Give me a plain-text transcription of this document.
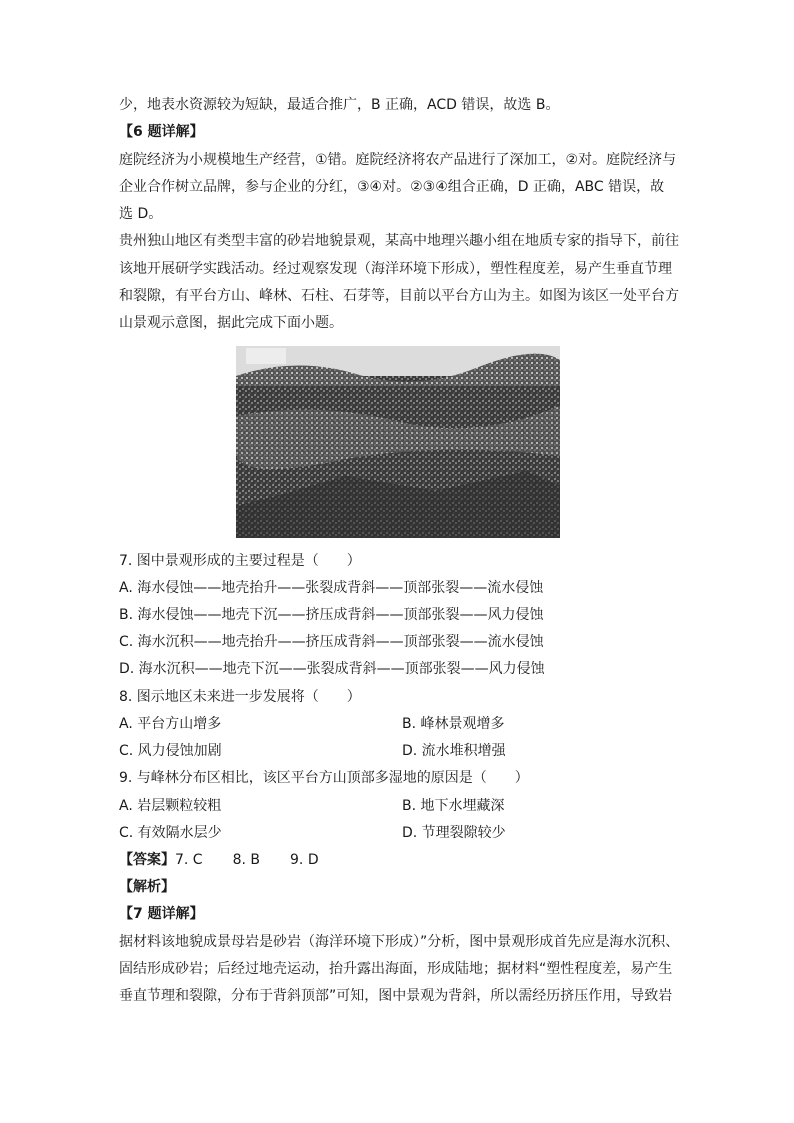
少，地表水资源较为短缺，最适合推广，B 正确，ACD 错误，故选 B。
【6 题详解】
庭院经济为小规模地生产经营，①错。庭院经济将农产品进行了深加工，②对。庭院经济与
企业合作树立品牌，参与企业的分红，③④对。②③④组合正确，D 正确，ABC 错误，故
选 D。
贵州独山地区有类型丰富的砂岩地貌景观，某高中地理兴趣小组在地质专家的指导下，前往
该地开展研学实践活动。经过观察发现（海洋环境下形成），塑性程度差，易产生垂直节理
和裂隙，有平台方山、峰林、石柱、石芽等，目前以平台方山为主。如图为该区一处平台方
山景观示意图，据此完成下面小题。
7. 图中景观形成的主要过程是（　　）
A. 海水侵蚀——地壳抬升——张裂成背斜——顶部张裂——流水侵蚀
B. 海水侵蚀——地壳下沉——挤压成背斜——顶部张裂——风力侵蚀
C. 海水沉积——地壳抬升——挤压成背斜——顶部张裂——流水侵蚀
D. 海水沉积——地壳下沉——张裂成背斜——顶部张裂——风力侵蚀
8. 图示地区未来进一步发展将（　　）
A. 平台方山增多	B. 峰林景观增多
C. 风力侵蚀加剧	D. 流水堆积增强
9. 与峰林分布区相比，该区平台方山顶部多湿地的原因是（　　）
A. 岩层颗粒较粗	B. 地下水埋藏深
C. 有效隔水层少	D. 节理裂隙较少
【答案】7. C 8. B 9. D
【解析】
【7 题详解】
据材料该地貌成景母岩是砂岩（海洋环境下形成）”分析，图中景观形成首先应是海水沉积、
固结形成砂岩；后经过地壳运动，抬升露出海面，形成陆地；据材料“塑性程度差，易产生
垂直节理和裂隙，分布于背斜顶部”可知，图中景观为背斜，所以需经历挤压作用，导致岩
